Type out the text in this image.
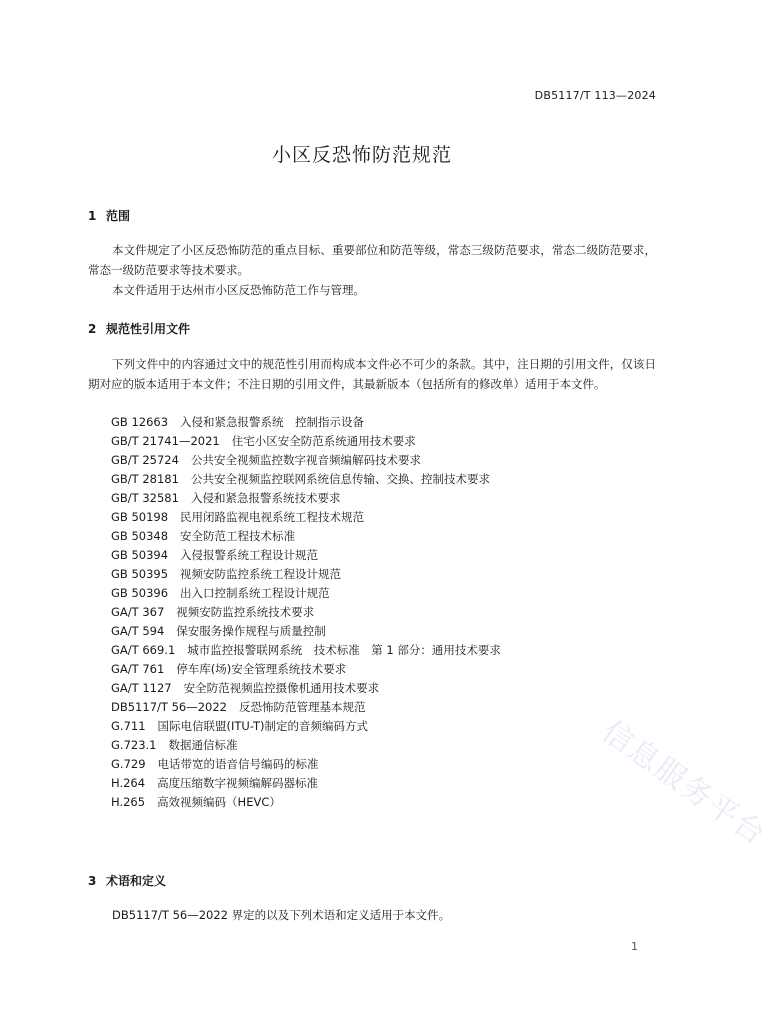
DB5117/T 113—2024
小区反恐怖防范规范
1 范围
本文件规定了小区反恐怖防范的重点目标、重要部位和防范等级，常态三级防范要求，常态二级防范要求，常态一级防范要求等技术要求。
本文件适用于达州市小区反恐怖防范工作与管理。
2 规范性引用文件
下列文件中的内容通过文中的规范性引用而构成本文件必不可少的条款。其中，注日期的引用文件，仅该日期对应的版本适用于本文件；不注日期的引用文件，其最新版本（包括所有的修改单）适用于本文件。
GB 12663 入侵和紧急报警系统　控制指示设备
GB/T 21741—2021 住宅小区安全防范系统通用技术要求
GB/T 25724 公共安全视频监控数字视音频编解码技术要求
GB/T 28181 公共安全视频监控联网系统信息传输、交换、控制技术要求
GB/T 32581 入侵和紧急报警系统技术要求
GB 50198 民用闭路监视电视系统工程技术规范
GB 50348 安全防范工程技术标准
GB 50394 入侵报警系统工程设计规范
GB 50395 视频安防监控系统工程设计规范
GB 50396 出入口控制系统工程设计规范
GA/T 367 视频安防监控系统技术要求
GA/T 594 保安服务操作规程与质量控制
GA/T 669.1 城市监控报警联网系统　技术标准　第 1 部分：通用技术要求
GA/T 761 停车库(场)安全管理系统技术要求
GA/T 1127 安全防范视频监控摄像机通用技术要求
DB5117/T 56—2022 反恐怖防范管理基本规范
G.711 国际电信联盟(ITU-T)制定的音频编码方式
G.723.1 数据通信标准
G.729 电话带宽的语音信号编码的标准
H.264 高度压缩数字视频编解码器标准
H.265 高效视频编码（HEVC）
3 术语和定义
DB5117/T 56—2022 界定的以及下列术语和定义适用于本文件。
1
信息服务平台
